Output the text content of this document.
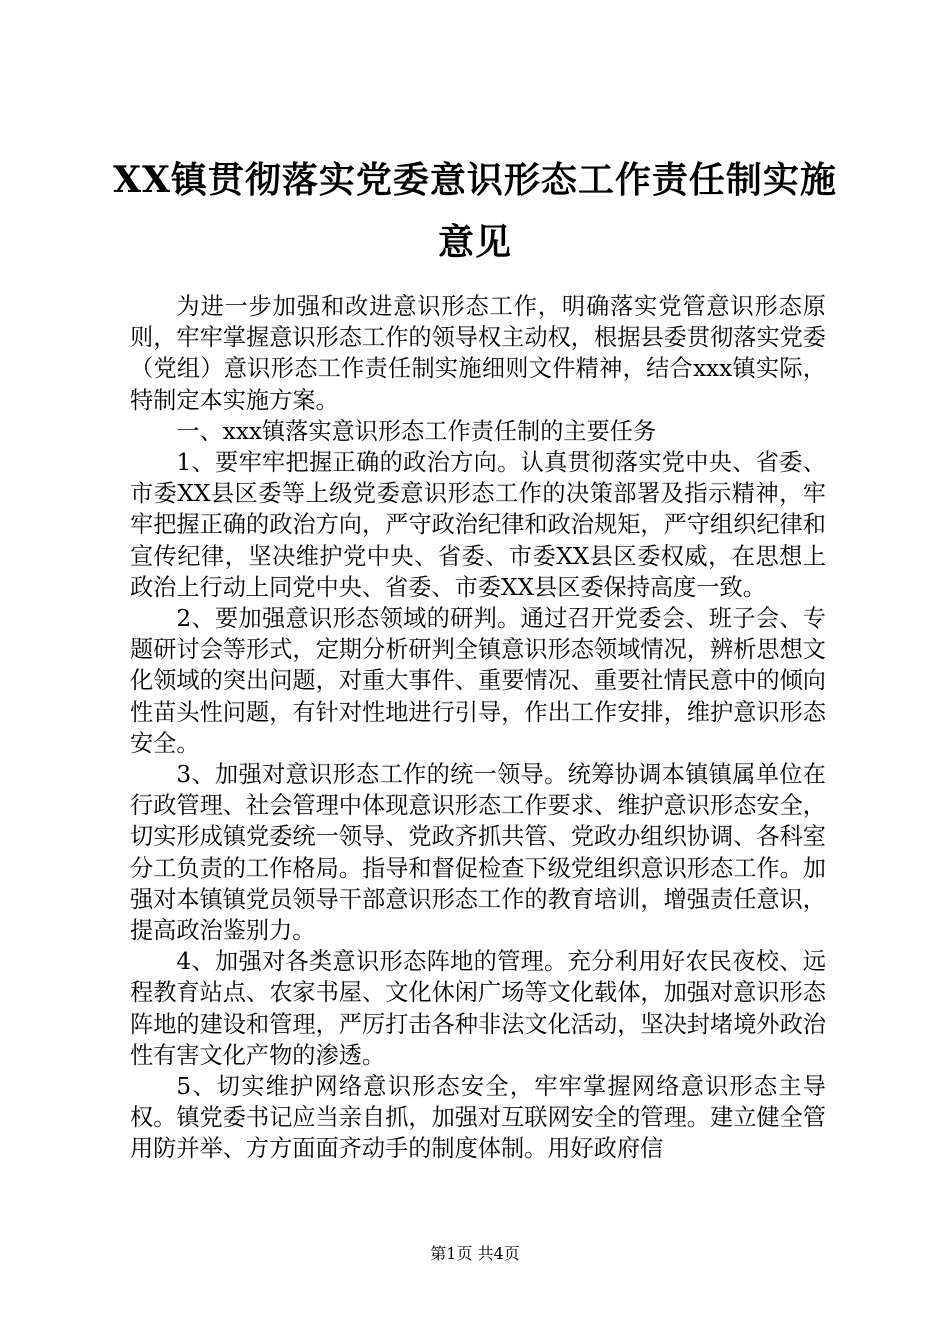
XX镇贯彻落实党委意识形态工作责任制实施
意见

为进一步加强和改进意识形态工作，明确落实党管意识形态原则，牢牢掌握意识形态工作的领导权主动权，根据县委贯彻落实党委（党组）意识形态工作责任制实施细则文件精神，结合xxx镇实际，特制定本实施方案。

一、xxx镇落实意识形态工作责任制的主要任务

1、要牢牢把握正确的政治方向。认真贯彻落实党中央、省委、市委XX县区委等上级党委意识形态工作的决策部署及指示精神，牢牢把握正确的政治方向，严守政治纪律和政治规矩，严守组织纪律和宣传纪律，坚决维护党中央、省委、市委XX县区委权威，在思想上政治上行动上同党中央、省委、市委XX县区委保持高度一致。

2、要加强意识形态领域的研判。通过召开党委会、班子会、专题研讨会等形式，定期分析研判全镇意识形态领域情况，辨析思想文化领域的突出问题，对重大事件、重要情况、重要社情民意中的倾向性苗头性问题，有针对性地进行引导，作出工作安排，维护意识形态安全。

3、加强对意识形态工作的统一领导。统筹协调本镇镇属单位在行政管理、社会管理中体现意识形态工作要求、维护意识形态安全，切实形成镇党委统一领导、党政齐抓共管、党政办组织协调、各科室分工负责的工作格局。指导和督促检查下级党组织意识形态工作。加强对本镇镇党员领导干部意识形态工作的教育培训，增强责任意识，提高政治鉴别力。

4、加强对各类意识形态阵地的管理。充分利用好农民夜校、远程教育站点、农家书屋、文化休闲广场等文化载体，加强对意识形态阵地的建设和管理，严厉打击各种非法文化活动，坚决封堵境外政治性有害文化产物的渗透。

5、切实维护网络意识形态安全，牢牢掌握网络意识形态主导权。镇党委书记应当亲自抓，加强对互联网安全的管理。建立健全管用防并举、方方面面齐动手的制度体制。用好政府信

第1页 共4页
